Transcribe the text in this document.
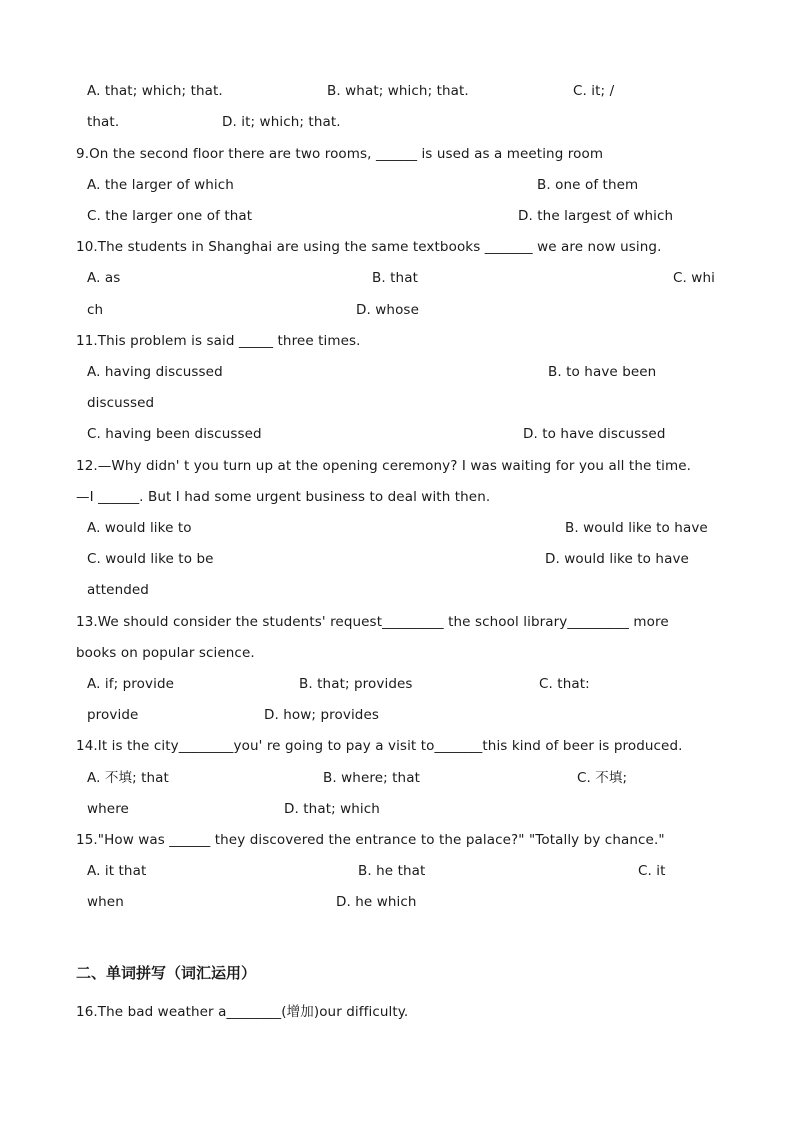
A. that; which; that.	B. what; which; that.	C. it; /
that.	D. it; which; that.
9.On the second floor there are two rooms, ______ is used as a meeting room
A. the larger of which	B. one of them
C. the larger one of that	D. the largest of which
10.The students in Shanghai are using the same textbooks _______ we are now using.
A. as	B. that	C. whi
ch	D. whose
11.This problem is said _____ three times.
A. having discussed	B. to have been
discussed
C. having been discussed	D. to have discussed
12.—Why didn' t you turn up at the opening ceremony? I was waiting for you all the time.
—I ______. But I had some urgent business to deal with then.
A. would like to	B. would like to have
C. would like to be	D. would like to have
attended
13.We should consider the students' request_________ the school library_________ more
books on popular science.
A. if; provide	B. that; provides	C. that:
provide	D. how; provides
14.It is the city________you' re going to pay a visit to_______this kind of beer is produced.
A. 不填; that	B. where; that	C. 不填;
where	D. that; which
15."How was ______ they discovered the entrance to the palace?" "Totally by chance."
A. it that	B. he that	C. it
when	D. he which
16.The bad weather a________(增加)our difficulty.
二、单词拼写（词汇运用）
